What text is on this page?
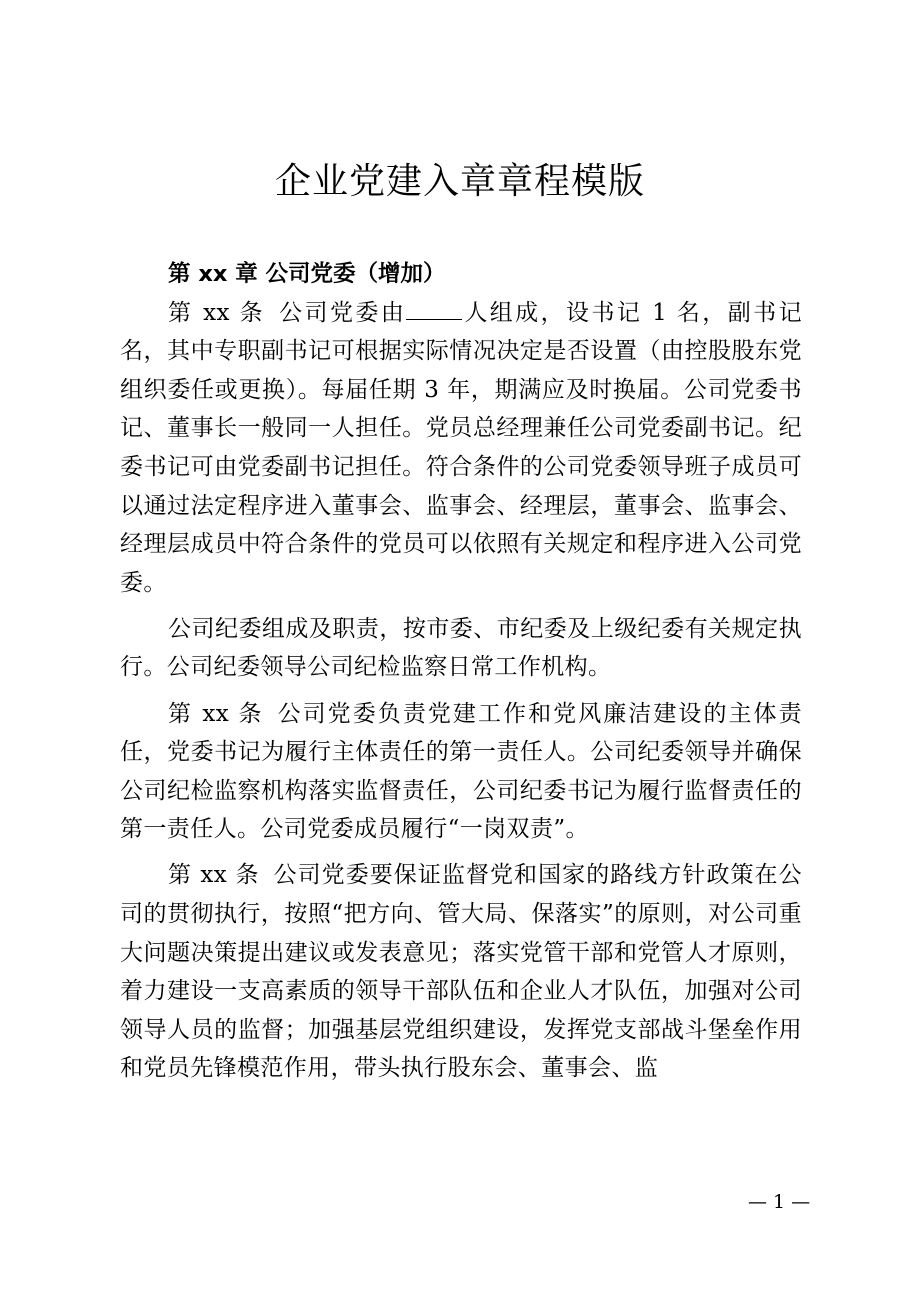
企业党建入章章程模版
第 xx 章 公司党委（增加）

第 xx 条 公司党委由 人组成，设书记 1 名，副书记名，其中专职副书记可根据实际情况决定是否设置（由控股股东党组织委任或更换）。每届任期 3 年，期满应及时换届。公司党委书记、董事长一般同一人担任。党员总经理兼任公司党委副书记。纪委书记可由党委副书记担任。符合条件的公司党委领导班子成员可以通过法定程序进入董事会、监事会、经理层，董事会、监事会、经理层成员中符合条件的党员可以依照有关规定和程序进入公司党委。

公司纪委组成及职责，按市委、市纪委及上级纪委有关规定执行。公司纪委领导公司纪检监察日常工作机构。

第 xx 条 公司党委负责党建工作和党风廉洁建设的主体责任，党委书记为履行主体责任的第一责任人。公司纪委领导并确保公司纪检监察机构落实监督责任，公司纪委书记为履行监督责任的第一责任人。公司党委成员履行“一岗双责”。

第 xx 条 公司党委要保证监督党和国家的路线方针政策在公司的贯彻执行，按照“把方向、管大局、保落实”的原则，对公司重大问题决策提出建议或发表意见；落实党管干部和党管人才原则，着力建设一支高素质的领导干部队伍和企业人才队伍，加强对公司领导人员的监督；加强基层党组织建设，发挥党支部战斗堡垒作用和党员先锋模范作用，带头执行股东会、董事会、监

— 1 —
